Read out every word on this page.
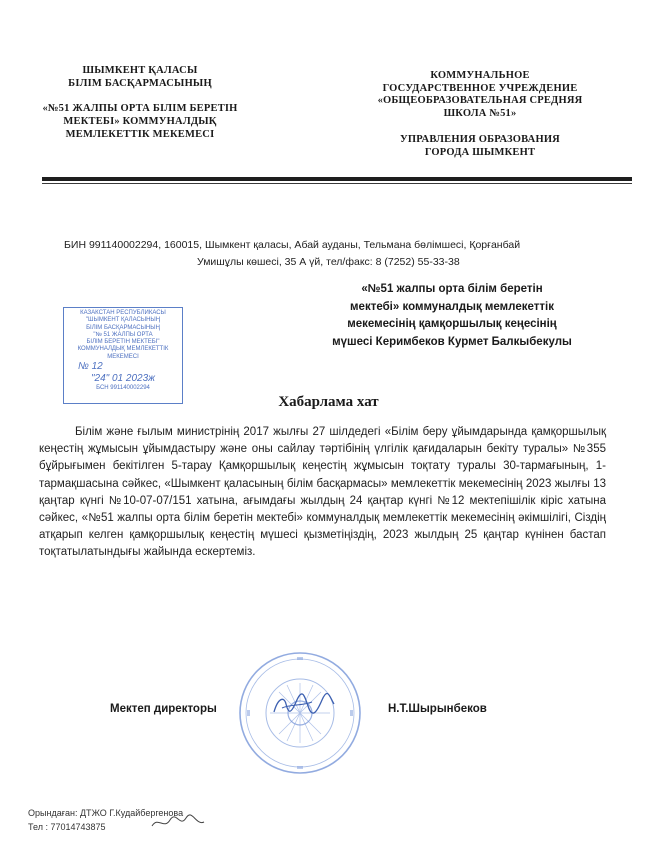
ШЫМКЕНТ ҚАЛАСЫ
БІЛІМ БАСҚАРМАСЫНЫҢ
«№51 ЖАЛПЫ ОРТА БІЛІМ БЕРЕТІН
МЕКТЕБІ» КОММУНАЛДЫҚ
МЕМЛЕКЕТТІК МЕКЕМЕСІ
КОММУНАЛЬНОЕ
ГОСУДАРСТВЕННОЕ УЧРЕЖДЕНИЕ
«ОБЩЕОБРАЗОВАТЕЛЬНАЯ СРЕДНЯЯ
ШКОЛА №51»
УПРАВЛЕНИЯ ОБРАЗОВАНИЯ
ГОРОДА ШЫМКЕНТ
БИН 991140002294, 160015, Шымкент қаласы, Абай ауданы, Тельмана бөлімшесі, Қорғанбай
Умишұлы көшесі, 35 А үй, тел/факс: 8 (7252) 55-33-38
«№51 жалпы орта білім беретін
мектебі» коммуналдық мемлекеттік
мекемесінің қамқоршылық кеңесінің
мүшесі Керимбеков Курмет Балкыбекулы
КАЗАКСТАН РЕСПУБЛИКАСЫ
"ШЫМКЕНТ ҚАЛАСЫНЫҢ
БІЛІМ БАСҚАРМАСЫНЫҢ
"№ 51 ЖАЛПЫ ОРТА
БІЛІМ БЕРЕТІН МЕКТЕБІ"
КОММУНАЛДЫҚ МЕМЛЕКЕТТІК
МЕКЕМЕСІ
№ 12
"24" 01 2023ж
БСН 991140002294
Хабарлама хат

Білім және ғылым министрінің 2017 жылғы 27 шілдедегі «Білім беру ұйымдарында қамқоршылық кеңестің жұмысын ұйымдастыру және оны сайлау тәртібінің үлгілік қағидаларын бекіту туралы» №355 бұйрығымен бекітілген 5-тарау Қамқоршылық кеңестің жұмысын тоқтату туралы 30-тармағының, 1-тармақшасына сәйкес, «Шымкент қаласының білім басқармасы» мемлекеттік мекемесінің 2023 жылғы 13 қаңтар күнгі №10-07-07/151 хатына, ағымдағы жылдың 24 қаңтар күнгі №12 мектепішілік кіріс хатына сәйкес, «№51 жалпы орта білім беретін мектебі» коммуналдық мемлекеттік мекемесінің әкімшілігі, Сіздің атқарып келген қамқоршылық кеңестің мүшесі қызметіңіздің, 2023 жылдың 25 қаңтар күнінен бастап тоқтатылатындығы жайында ескертеміз.

Мектеп директоры	Н.Т.Шырынбеков
Орындаған: ДТЖО Г.Кудайбергенова
Тел : 77014743875
